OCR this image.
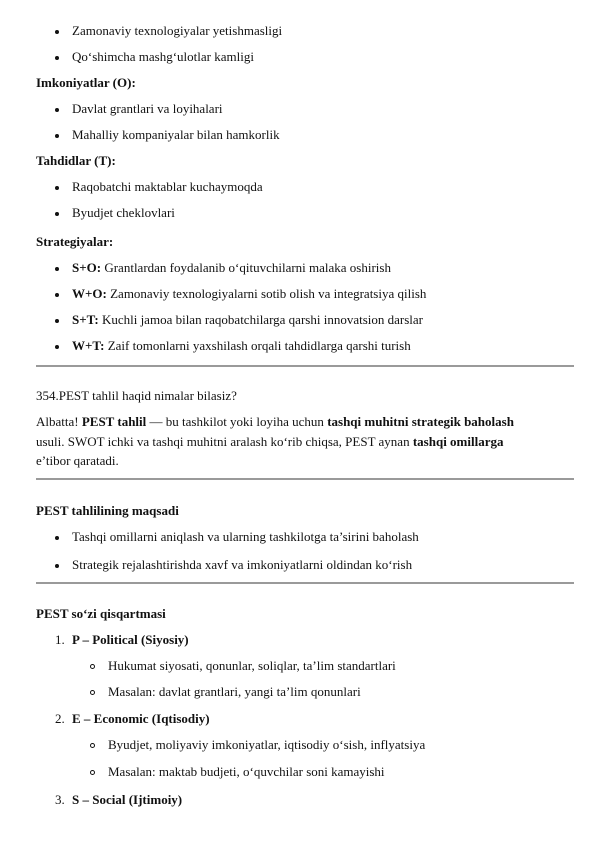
Zamonaviy texnologiyalar yetishmasligi
Qo‘shimcha mashg‘ulotlar kamligi
Imkoniyatlar (O):
Davlat grantlari va loyihalari
Mahalliy kompaniyalar bilan hamkorlik
Tahdidlar (T):
Raqobatchi maktablar kuchaymoqda
Byudjet cheklovlari
Strategiyalar:
S+O: Grantlardan foydalanib o‘qituvchilarni malaka oshirish
W+O: Zamonaviy texnologiyalarni sotib olish va integratsiya qilish
S+T: Kuchli jamoa bilan raqobatchilarga qarshi innovatsion darslar
W+T: Zaif tomonlarni yaxshilash orqali tahdidlarga qarshi turish
354.PEST tahlil haqid nimalar bilasiz?
Albatta! PEST tahlil — bu tashkilot yoki loyiha uchun tashqi muhitni strategik baholash
usuli. SWOT ichki va tashqi muhitni aralash ko‘rib chiqsa, PEST aynan tashqi omillarga
e’tibor qaratadi.
PEST tahlilining maqsadi
Tashqi omillarni aniqlash va ularning tashkilotga ta’sirini baholash
Strategik rejalashtirishda xavf va imkoniyatlarni oldindan ko‘rish
PEST so‘zi qisqartmasi
1. P – Political (Siyosiy)
Hukumat siyosati, qonunlar, soliqlar, ta’lim standartlari
Masalan: davlat grantlari, yangi ta’lim qonunlari
2. E – Economic (Iqtisodiy)
Byudjet, moliyaviy imkoniyatlar, iqtisodiy o‘sish, inflyatsiya
Masalan: maktab budjeti, o‘quvchilar soni kamayishi
3. S – Social (Ijtimoiy)
